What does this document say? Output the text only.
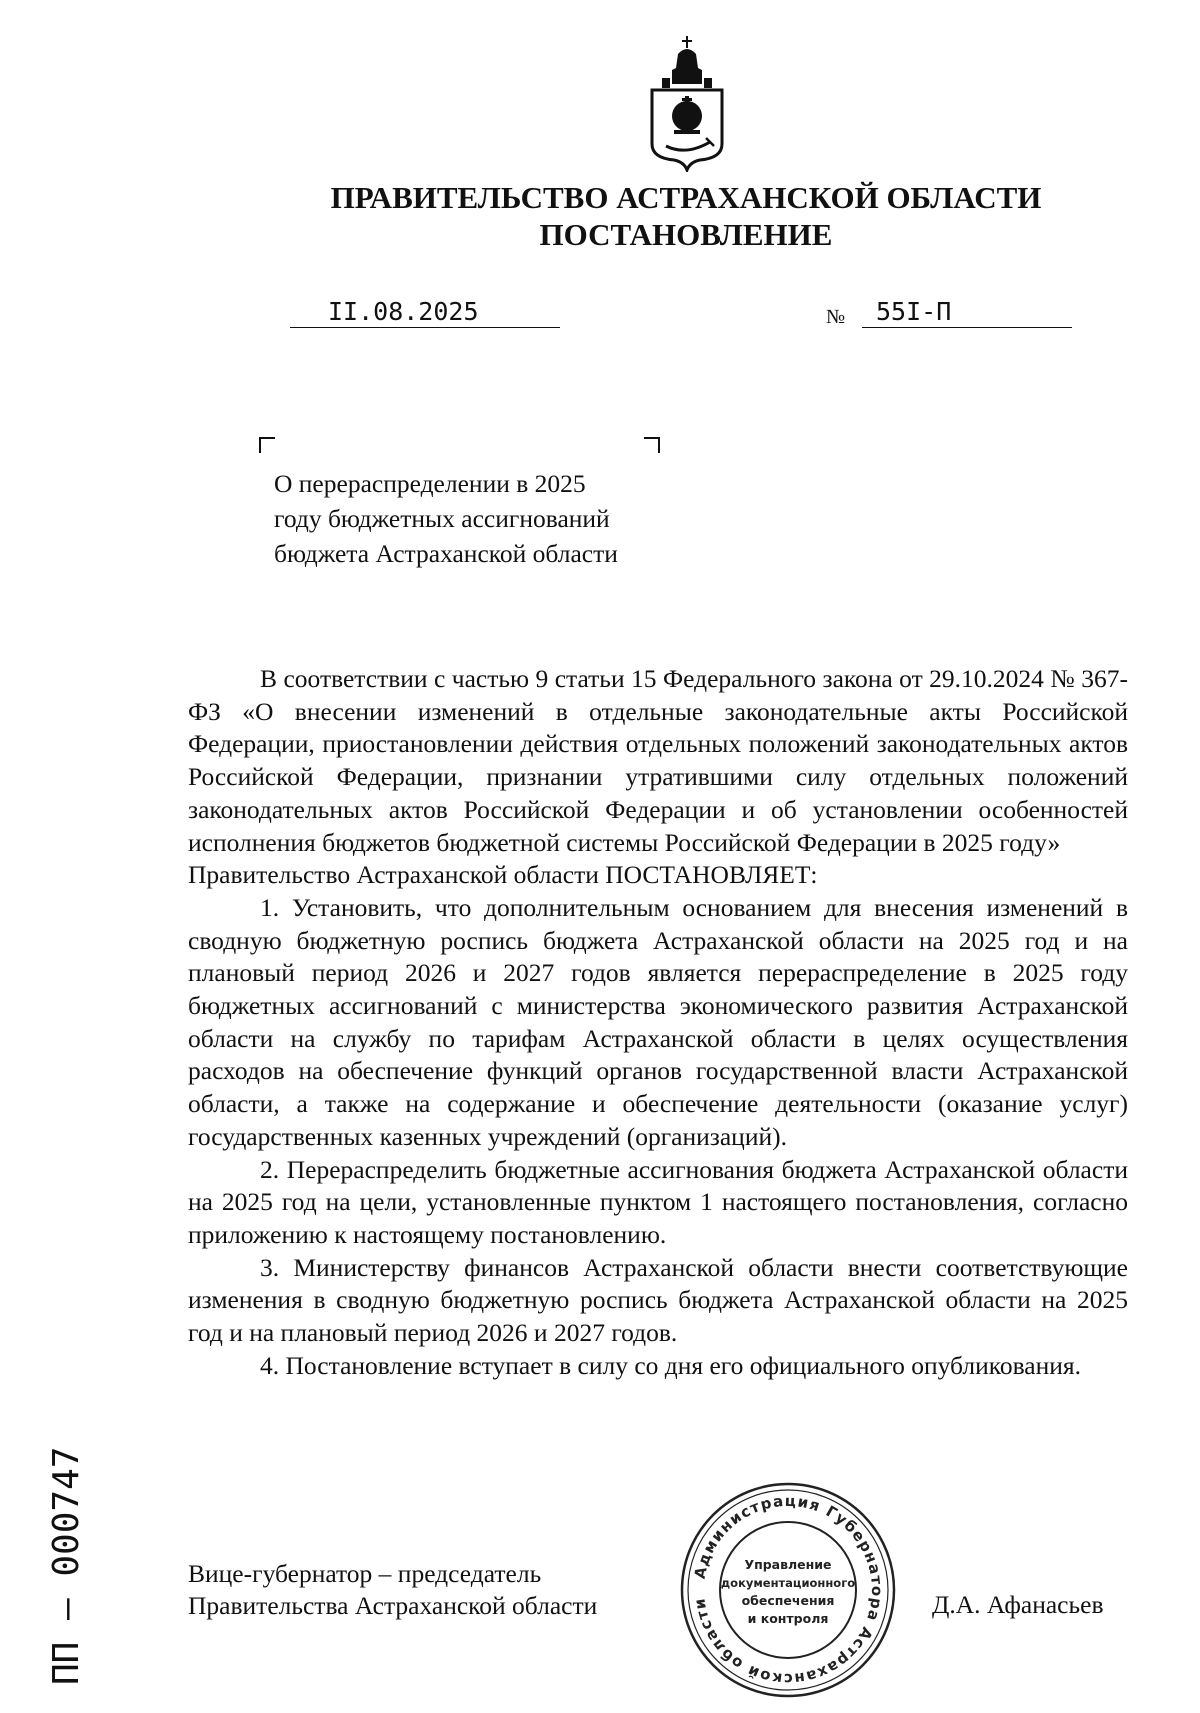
ПРАВИТЕЛЬСТВО АСТРАХАНСКОЙ ОБЛАСТИ

ПОСТАНОВЛЕНИЕ

II.08.2025	№ 55I-П
О перераспределении в 2025
году бюджетных ассигнований
бюджета Астраханской области

В соответствии с частью 9 статьи 15 Федерального закона от 29.10.2024 № 367-ФЗ «О внесении изменений в отдельные законодательные акты Российской Федерации, приостановлении действия отдельных положений законодательных актов Российской Федерации, признании утратившими силу отдельных положений законодательных актов Российской Федерации и об установлении особенностей исполнения бюджетов бюджетной системы Российской Федерации в 2025 году»

Правительство Астраханской области ПОСТАНОВЛЯЕТ:

1. Установить, что дополнительным основанием для внесения изменений в сводную бюджетную роспись бюджета Астраханской области на 2025 год и на плановый период 2026 и 2027 годов является перераспределение в 2025 году бюджетных ассигнований с министерства экономического развития Астраханской области на службу по тарифам Астраханской области в целях осуществления расходов на обеспечение функций органов государственной власти Астраханской области, а также на содержание и обеспечение деятельности (оказание услуг) государственных казенных учреждений (организаций).

2. Перераспределить бюджетные ассигнования бюджета Астраханской области на 2025 год на цели, установленные пунктом 1 настоящего постановления, согласно приложению к настоящему постановлению.

3. Министерству финансов Астраханской области внести соответствующие изменения в сводную бюджетную роспись бюджета Астраханской области на 2025 год и на плановый период 2026 и 2027 годов.

4. Постановление вступает в силу со дня его официального опубликования.

Вице-губернатор – председатель
Правительства Астраханской области
Администрация Губернатора Астраханской области
Управление
документационного
обеспечения
и контроля	Д.А. Афанасьев
ПП – 000747
